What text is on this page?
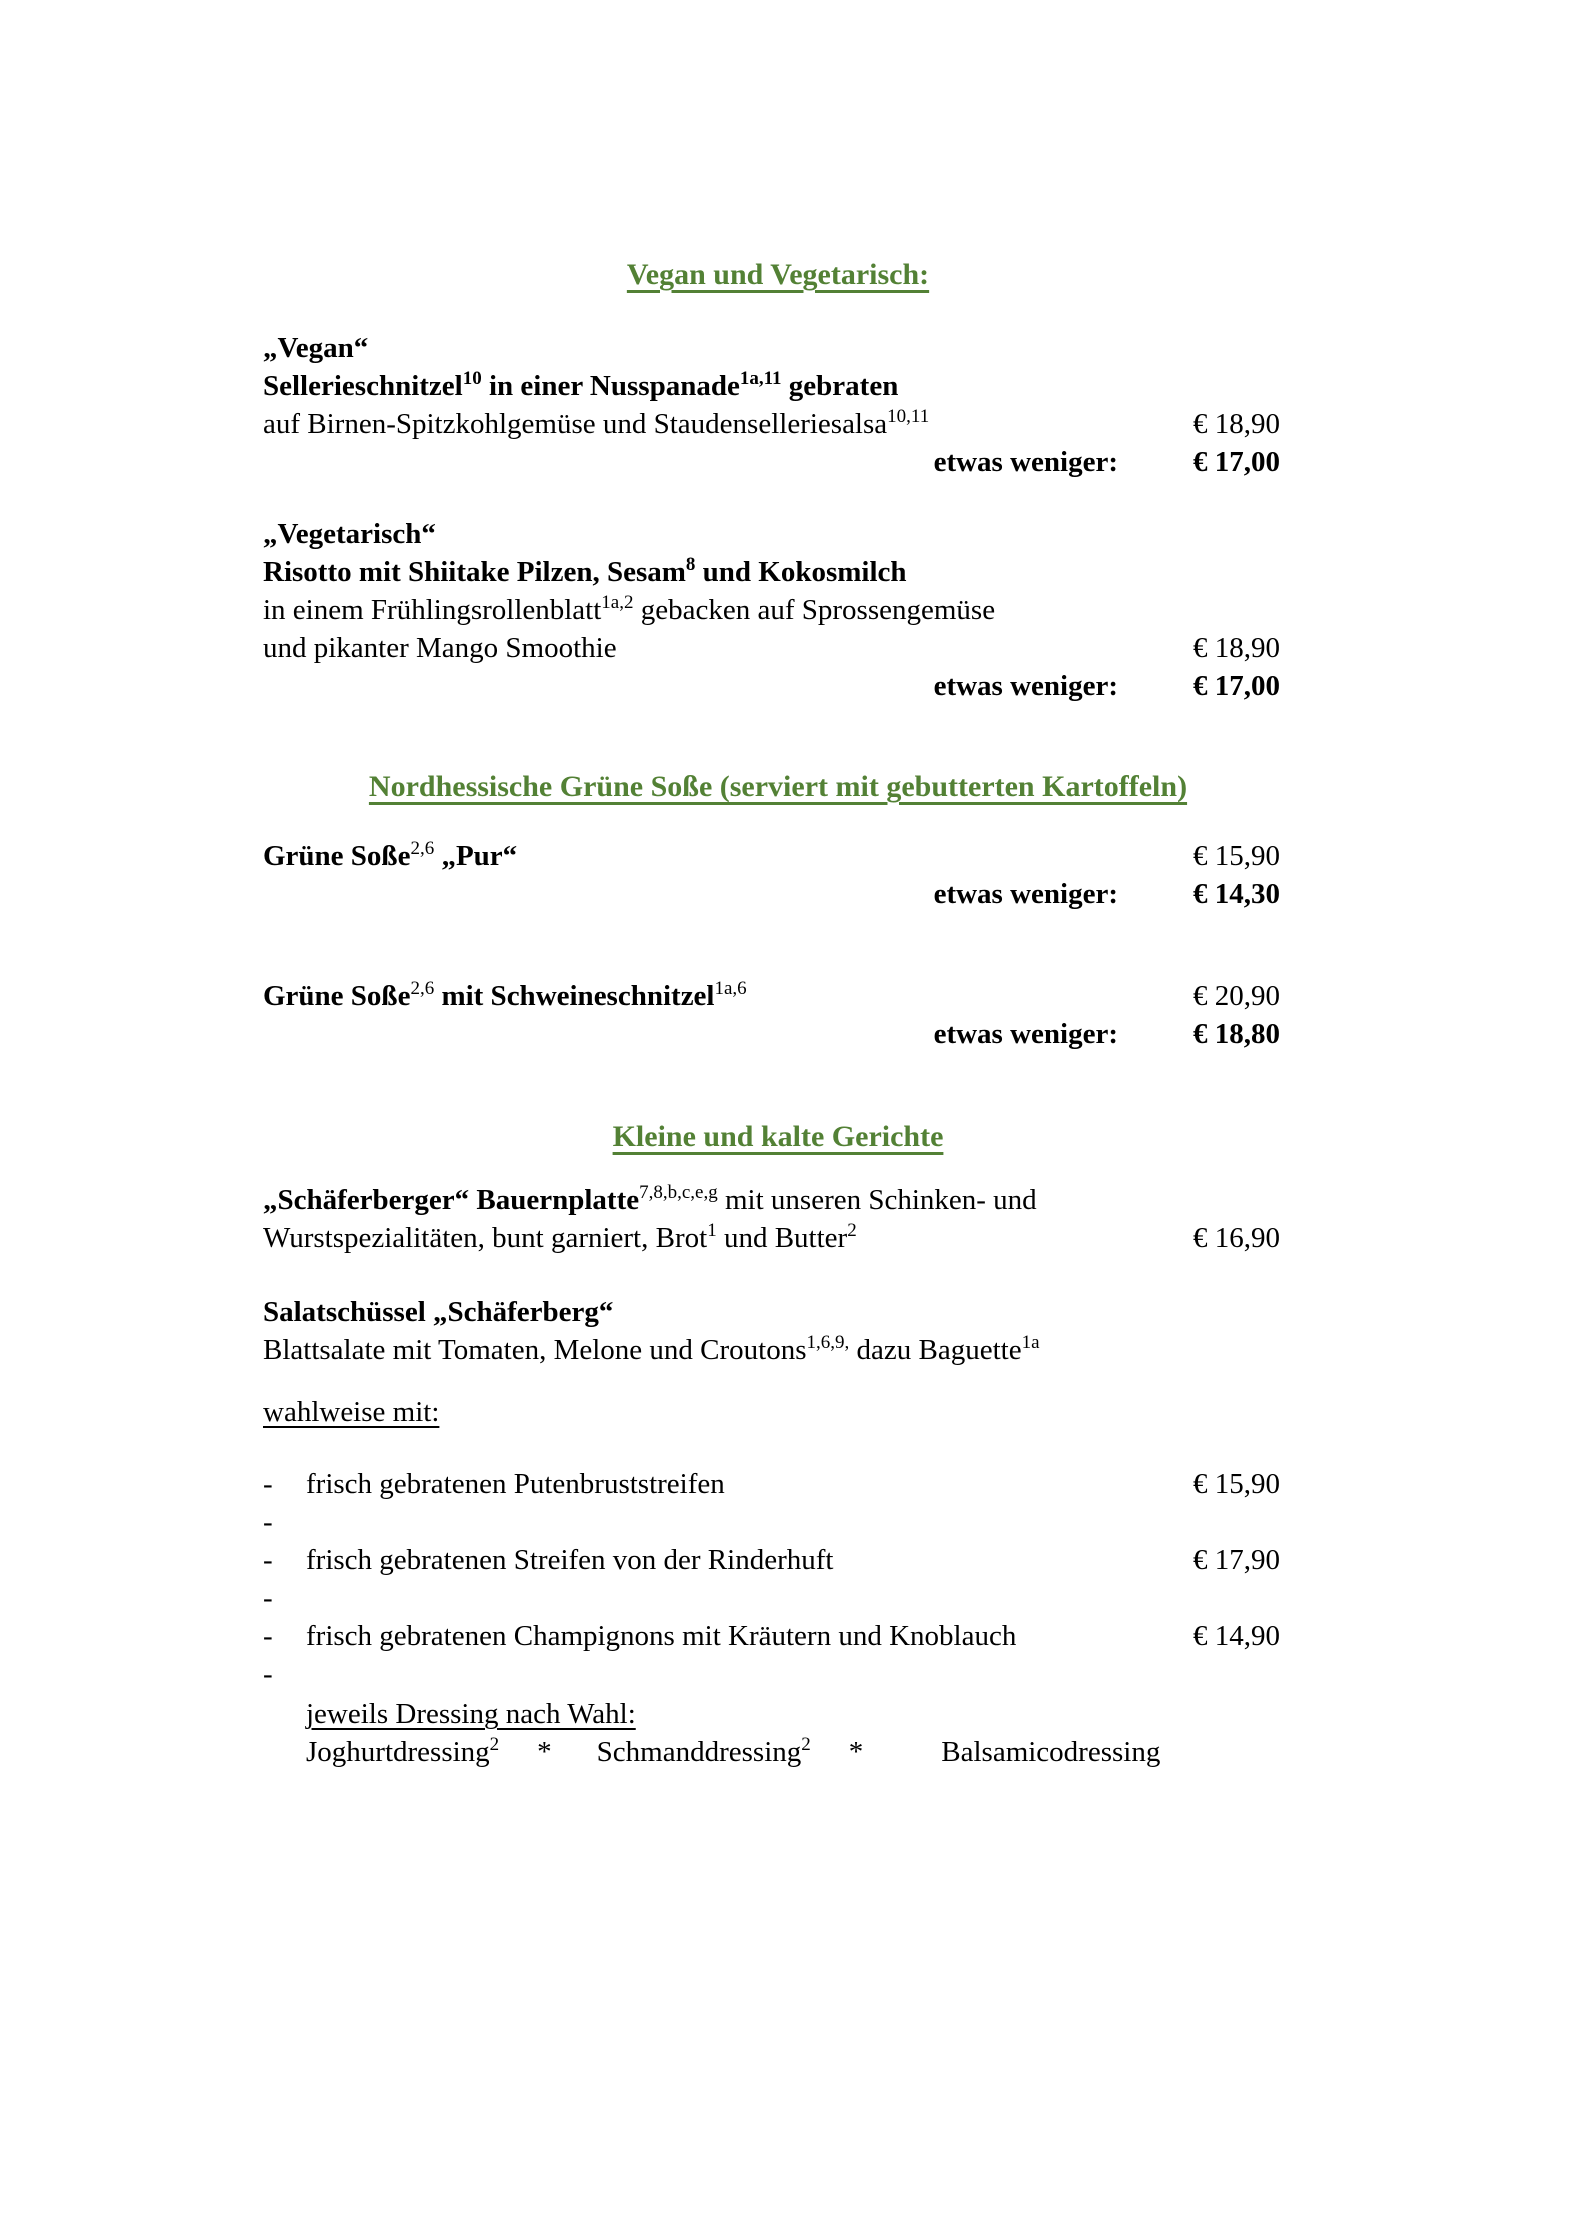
Vegan und Vegetarisch:
„Vegan“
Sellerieschnitzel$^{10}$ in einer Nusspanade$^{1a,11}$ gebraten
auf Birnen-Spitzkohlgemüse und Staudenselleriesalsa$^{10,11}$	€ 18,90
etwas weniger:	€ 17,00
„Vegetarisch“
Risotto mit Shiitake Pilzen, Sesam$^8$ und Kokosmilch
in einem Frühlingsrollenblatt$^{1a,2}$ gebacken auf Sprossengemüse
und pikanter Mango Smoothie	€ 18,90
etwas weniger:	€ 17,00
Nordhessische Grüne Soße (serviert mit gebutterten Kartoffeln)
Grüne Soße$^{2,6}$ „Pur“	€ 15,90
etwas weniger:	€ 14,30
Grüne Soße$^{2,6}$ mit Schweineschnitzel$^{1a,6}$	€ 20,90
etwas weniger:	€ 18,80
Kleine und kalte Gerichte
„Schäferberger“ Bauernplatte$^{7,8,b,c,e,g}$ mit unseren Schinken- und
Wurstspezialitäten, bunt garniert, Brot$^1$ und Butter$^2$	€ 16,90
Salatschüssel „Schäferberg“
Blattsalate mit Tomaten, Melone und Croutons$^{1,6,9,}$ dazu Baguette$^{1a}$
wahlweise mit:
-	frisch gebratenen Putenbruststreifen	€ 15,90
-
-	frisch gebratenen Streifen von der Rinderhuft	€ 17,90
-
-	frisch gebratenen Champignons mit Kräutern und Knoblauch	€ 14,90
-
jeweils Dressing nach Wahl:
Joghurtdressing$^2$ * Schmanddressing$^2$ *	Balsamicodressing
